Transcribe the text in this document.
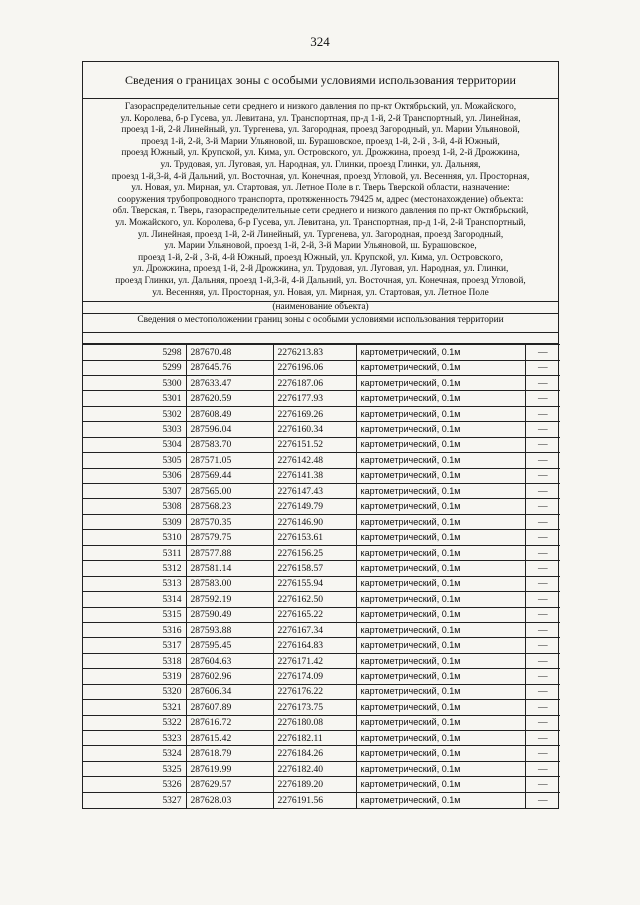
324
Сведения о границах зоны с особыми условиями использования территории
Газораспределительные сети среднего и низкого давления по пр-кт Октябрьский, ул. Можайского,
ул. Королева, б-р Гусева, ул. Левитана, ул. Транспортная, пр-д 1-й, 2-й Транспортный, ул. Линейная,
проезд 1-й, 2-й Линейный, ул. Тургенева, ул. Загородная, проезд Загородный, ул. Марии Ульяновой,
проезд 1-й, 2-й, 3-й Марии Ульяновой, ш. Бурашовское, проезд 1-й, 2-й , 3-й, 4-й Южный,
проезд Южный, ул. Крупской, ул. Кима, ул. Островского, ул. Дрожжина, проезд 1-й, 2-й Дрожжина,
ул. Трудовая, ул. Луговая, ул. Народная, ул. Глинки, проезд Глинки, ул. Дальняя,
проезд 1-й,3-й, 4-й Дальний, ул. Восточная, ул. Конечная, проезд Угловой, ул. Весенняя, ул. Просторная,
ул. Новая, ул. Мирная, ул. Стартовая, ул. Летное Поле в г. Тверь Тверской области, назначение:
сооружения трубопроводного транспорта, протяженность 79425 м, адрес (местонахождение) объекта:
обл. Тверская, г. Тверь, газораспределительные сети среднего и низкого давления по пр-кт Октябрьский,
ул. Можайского, ул. Королева, б-р Гусева, ул. Левитана, ул. Транспортная, пр-д 1-й, 2-й Транспортный,
ул. Линейная, проезд 1-й, 2-й Линейный, ул. Тургенева, ул. Загородная, проезд Загородный,
ул. Марии Ульяновой, проезд 1-й, 2-й, 3-й Марии Ульяновой, ш. Бурашовское,
проезд 1-й, 2-й , 3-й, 4-й Южный, проезд Южный, ул. Крупской, ул. Кима, ул. Островского,
ул. Дрожжина, проезд 1-й, 2-й Дрожжина, ул. Трудовая, ул. Луговая, ул. Народная, ул. Глинки,
проезд Глинки, ул. Дальняя, проезд 1-й,3-й, 4-й Дальний, ул. Восточная, ул. Конечная, проезд Угловой,
ул. Весенняя, ул. Просторная, ул. Новая, ул. Мирная, ул. Стартовая, ул. Летное Поле
(наименование объекта)
Сведения о местоположении границ зоны с особыми условиями использования территории
5298	287670.48	2276213.83	картометрический, 0.1м	—
5299	287645.76	2276196.06	картометрический, 0.1м	—
5300	287633.47	2276187.06	картометрический, 0.1м	—
5301	287620.59	2276177.93	картометрический, 0.1м	—
5302	287608.49	2276169.26	картометрический, 0.1м	—
5303	287596.04	2276160.34	картометрический, 0.1м	—
5304	287583.70	2276151.52	картометрический, 0.1м	—
5305	287571.05	2276142.48	картометрический, 0.1м	—
5306	287569.44	2276141.38	картометрический, 0.1м	—
5307	287565.00	2276147.43	картометрический, 0.1м	—
5308	287568.23	2276149.79	картометрический, 0.1м	—
5309	287570.35	2276146.90	картометрический, 0.1м	—
5310	287579.75	2276153.61	картометрический, 0.1м	—
5311	287577.88	2276156.25	картометрический, 0.1м	—
5312	287581.14	2276158.57	картометрический, 0.1м	—
5313	287583.00	2276155.94	картометрический, 0.1м	—
5314	287592.19	2276162.50	картометрический, 0.1м	—
5315	287590.49	2276165.22	картометрический, 0.1м	—
5316	287593.88	2276167.34	картометрический, 0.1м	—
5317	287595.45	2276164.83	картометрический, 0.1м	—
5318	287604.63	2276171.42	картометрический, 0.1м	—
5319	287602.96	2276174.09	картометрический, 0.1м	—
5320	287606.34	2276176.22	картометрический, 0.1м	—
5321	287607.89	2276173.75	картометрический, 0.1м	—
5322	287616.72	2276180.08	картометрический, 0.1м	—
5323	287615.42	2276182.11	картометрический, 0.1м	—
5324	287618.79	2276184.26	картометрический, 0.1м	—
5325	287619.99	2276182.40	картометрический, 0.1м	—
5326	287629.57	2276189.20	картометрический, 0.1м	—
5327	287628.03	2276191.56	картометрический, 0.1м	—
